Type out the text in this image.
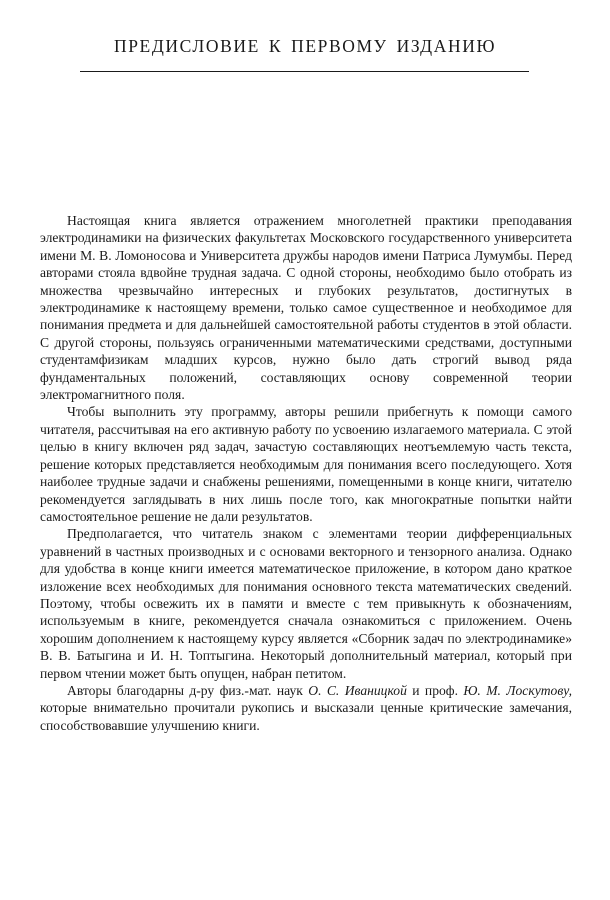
ПРЕДИСЛОВИЕ К ПЕРВОМУ ИЗДАНИЮ

Настоящая книга является отражением многолетней практики преподавания электродинамики на физических факультетах Московского государственного университета имени М. В. Ломоносова и Университета дружбы народов имени Патриса Лумумбы. Перед авторами стояла вдвойне трудная задача. С одной стороны, необходимо было отобрать из множества чрезвычайно интересных и глубоких результатов, достигнутых в электродинамике к настоящему времени, только самое существенное и необходимое для понимания предмета и для дальнейшей самостоятельной работы студентов в этой области. С другой стороны, пользуясь ограниченными математическими средствами, доступными студентамфизикам младших курсов, нужно было дать строгий вывод ряда фундаментальных положений, составляющих основу современной теории электромагнитного поля.

Чтобы выполнить эту программу, авторы решили прибегнуть к помощи самого читателя, рассчитывая на его активную работу по усвоению излагаемого материала. С этой целью в книгу включен ряд задач, зачастую составляющих неотъемлемую часть текста, решение которых представляется необходимым для понимания всего последующего. Хотя наиболее трудные задачи и снабжены решениями, помещенными в конце книги, читателю рекомендуется заглядывать в них лишь после того, как многократные попытки найти самостоятельное решение не дали результатов.

Предполагается, что читатель знаком с элементами теории дифференциальных уравнений в частных производных и с основами векторного и тензорного анализа. Однако для удобства в конце книги имеется математическое приложение, в котором дано краткое изложение всех необходимых для понимания основного текста математических сведений. Поэтому, чтобы освежить их в памяти и вместе с тем привыкнуть к обозначениям, используемым в книге, рекомендуется сначала ознакомиться с приложением. Очень хорошим дополнением к настоящему курсу является «Сборник задач по электродинамике» В. В. Батыгина и И. Н. Топтыгина. Некоторый дополнительный материал, который при первом чтении может быть опущен, набран петитом.

Авторы благодарны д-ру физ.-мат. наук О. С. Иваницкой и проф. Ю. М. Лоскутову, которые внимательно прочитали рукопись и высказали ценные критические замечания, способствовавшие улучшению книги.
